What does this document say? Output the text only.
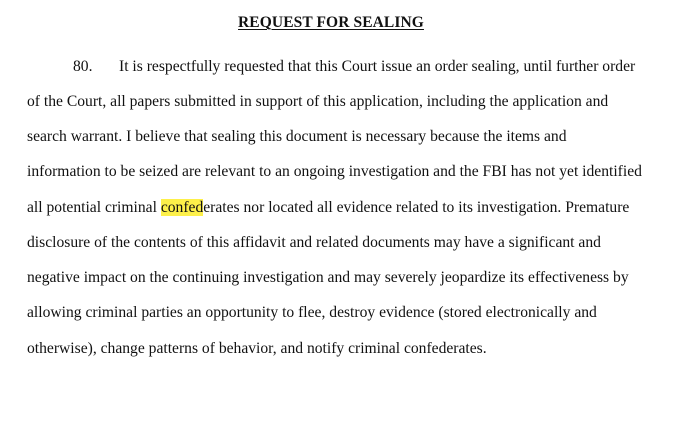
REQUEST FOR SEALING
80. It is respectfully requested that this Court issue an order sealing, until further order
of the Court, all papers submitted in support of this application, including the application and
search warrant. I believe that sealing this document is necessary because the items and
information to be seized are relevant to an ongoing investigation and the FBI has not yet identified
all potential criminal confederates nor located all evidence related to its investigation. Premature
disclosure of the contents of this affidavit and related documents may have a significant and
negative impact on the continuing investigation and may severely jeopardize its effectiveness by
allowing criminal parties an opportunity to flee, destroy evidence (stored electronically and
otherwise), change patterns of behavior, and notify criminal confederates.
